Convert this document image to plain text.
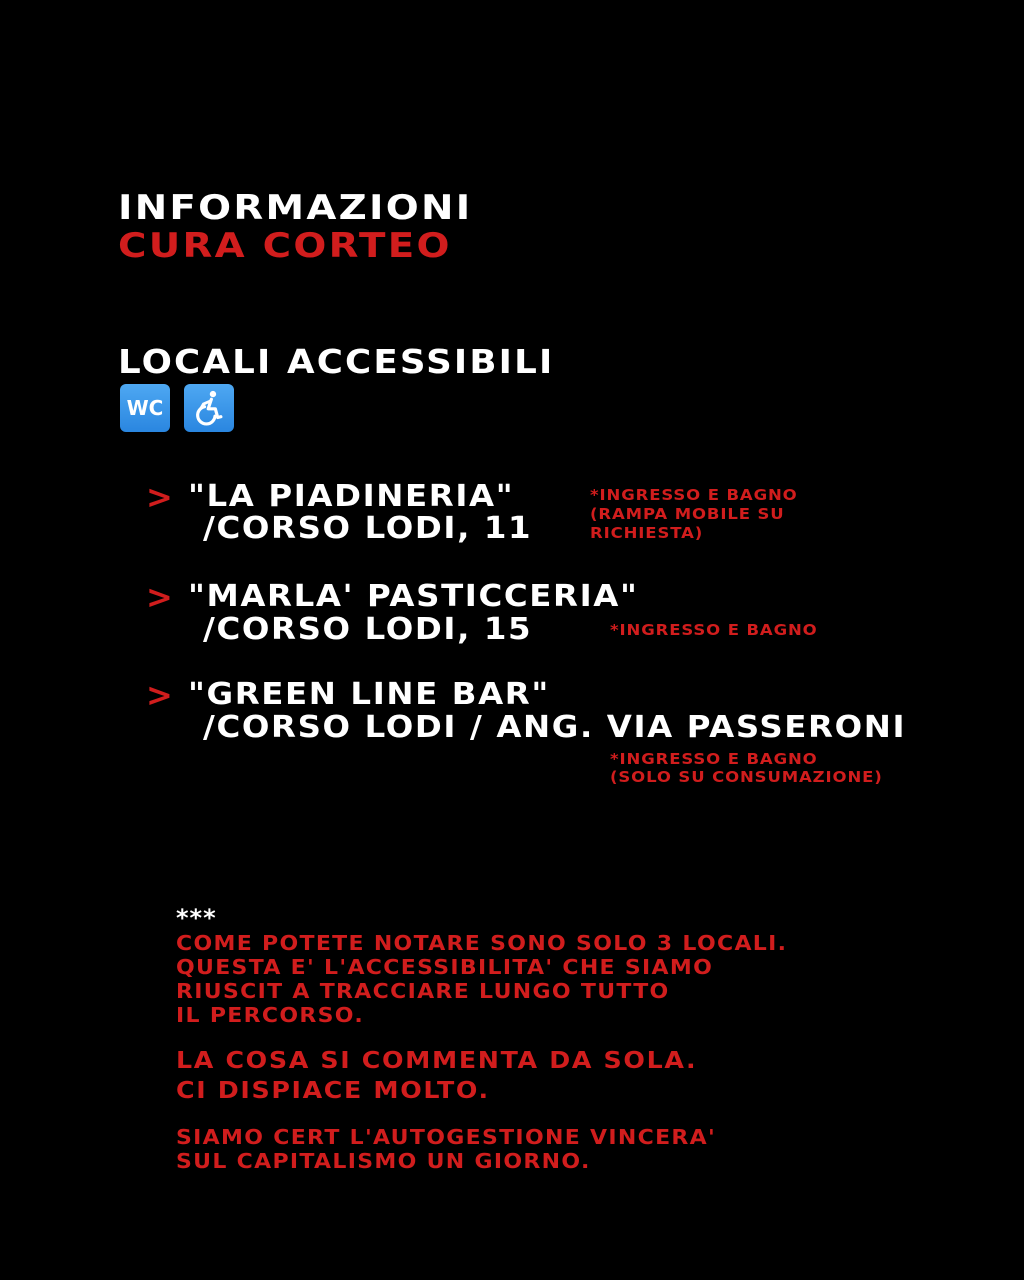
INFORMAZIONI
CURA CORTEO
LOCALI ACCESSIBILI
WC
> "LA PIADINERIA"
/CORSO LODI, 11
*INGRESSO E BAGNO
(RAMPA MOBILE SU
RICHIESTA)
> "MARLA' PASTICCERIA"
/CORSO LODI, 15	*INGRESSO E BAGNO
> "GREEN LINE BAR"
/CORSO LODI / ANG. VIA PASSERONI
*INGRESSO E BAGNO
(SOLO SU CONSUMAZIONE)
***
COME POTETE NOTARE SONO SOLO 3 LOCALI.
QUESTA E' L'ACCESSIBILITA' CHE SIAMO
RIUSCIT A TRACCIARE LUNGO TUTTO
IL PERCORSO.
LA COSA SI COMMENTA DA SOLA.
CI DISPIACE MOLTO.
SIAMO CERT L'AUTOGESTIONE VINCERA'
SUL CAPITALISMO UN GIORNO.
